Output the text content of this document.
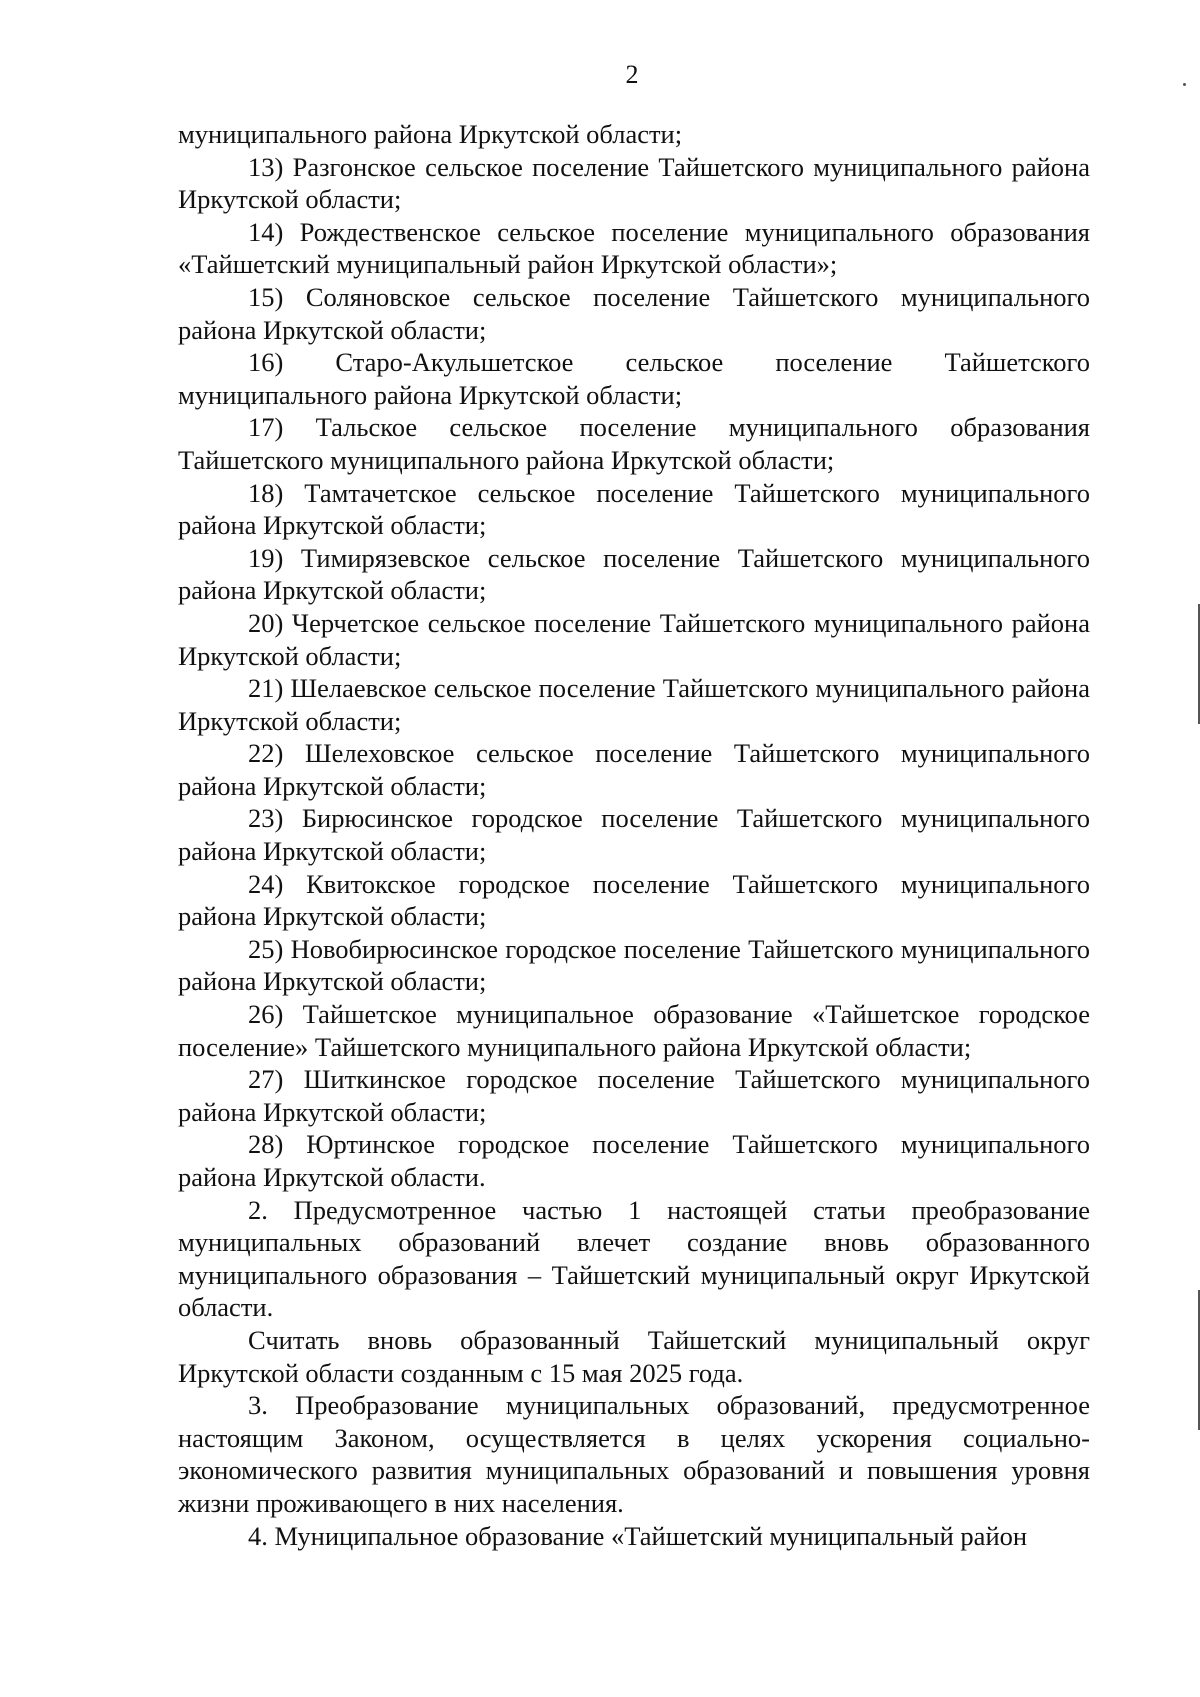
2

муниципального района Иркутской области;

13) Разгонское сельское поселение Тайшетского муниципального района Иркутской области;

14) Рождественское сельское поселение муниципального образования «Тайшетский муниципальный район Иркутской области»;

15) Соляновское сельское поселение Тайшетского муниципального района Иркутской области;

16) Старо-Акульшетское сельское поселение Тайшетского муниципального района Иркутской области;

17) Тальское сельское поселение муниципального образования Тайшетского муниципального района Иркутской области;

18) Тамтачетское сельское поселение Тайшетского муниципального района Иркутской области;

19) Тимирязевское сельское поселение Тайшетского муниципального района Иркутской области;

20) Черчетское сельское поселение Тайшетского муниципального района Иркутской области;

21) Шелаевское сельское поселение Тайшетского муниципального района Иркутской области;

22) Шелеховское сельское поселение Тайшетского муниципального района Иркутской области;

23) Бирюсинское городское поселение Тайшетского муниципального района Иркутской области;

24) Квитокское городское поселение Тайшетского муниципального района Иркутской области;

25) Новобирюсинское городское поселение Тайшетского муниципального района Иркутской области;

26) Тайшетское муниципальное образование «Тайшетское городское поселение» Тайшетского муниципального района Иркутской области;

27) Шиткинское городское поселение Тайшетского муниципального района Иркутской области;

28) Юртинское городское поселение Тайшетского муниципального района Иркутской области.

2. Предусмотренное частью 1 настоящей статьи преобразование муниципальных образований влечет создание вновь образованного муниципального образования – Тайшетский муниципальный округ Иркутской области.

Считать вновь образованный Тайшетский муниципальный округ Иркутской области созданным с 15 мая 2025 года.

3. Преобразование муниципальных образований, предусмотренное настоящим Законом, осуществляется в целях ускорения социально-экономического развития муниципальных образований и повышения уровня жизни проживающего в них населения.

4. Муниципальное образование «Тайшетский муниципальный район
